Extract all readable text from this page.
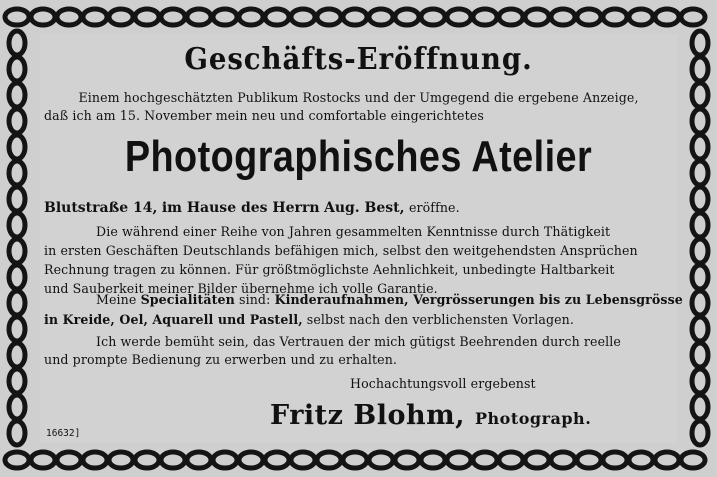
Geschäfts-Eröffnung.
Einem hochgeschätzten Publikum Rostocks und der Umgegend die ergebene Anzeige,
daß ich am 15. November mein neu und comfortable eingerichtetes
Photographisches Atelier
Blutstraße 14, im Hause des Herrn Aug. Best, eröffne.
Die während einer Reihe von Jahren gesammelten Kenntnisse durch Thätigkeit
in ersten Geschäften Deutschlands befähigen mich, selbst den weitgehendsten Ansprüchen
Rechnung tragen zu können. Für größtmöglichste Aehnlichkeit, unbedingte Haltbarkeit
und Sauberkeit meiner Bilder übernehme ich volle Garantie.
Meine Specialitäten sind: Kinderaufnahmen, Vergrösserungen bis zu Lebensgrösse
in Kreide, Oel, Aquarell und Pastell, selbst nach den verblichensten Vorlagen.
Ich werde bemüht sein, das Vertrauen der mich gütigst Beehrenden durch reelle
und prompte Bedienung zu erwerben und zu erhalten.
Hochachtungsvoll ergebenst
Fritz Blohm, Photograph.
16632]
